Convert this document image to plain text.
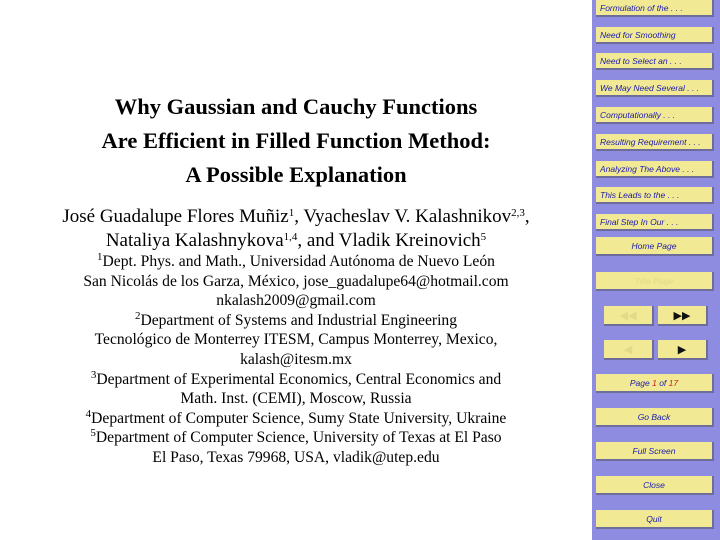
Why Gaussian and Cauchy Functions
Are Efficient in Filled Function Method:
A Possible Explanation
José Guadalupe Flores Muñiz$^1$, Vyacheslav V. Kalashnikov$^{2,3}$,
Nataliya Kalashnykova$^{1,4}$, and Vladik Kreinovich$^5$
$^1$Dept. Phys. and Math., Universidad Autónoma de Nuevo León
San Nicolás de los Garza, México, jose_guadalupe64@hotmail.com
nkalash2009@gmail.com
$^2$Department of Systems and Industrial Engineering
Tecnológico de Monterrey ITESM, Campus Monterrey, Mexico,
kalash@itesm.mx
$^3$Department of Experimental Economics, Central Economics and
Math. Inst. (CEMI), Moscow, Russia
$^4$Department of Computer Science, Sumy State University, Ukraine
$^5$Department of Computer Science, University of Texas at El Paso
El Paso, Texas 79968, USA, vladik@utep.edu
Formulation of the . . .
Need for Smoothing
Need to Select an . . .
We May Need Several . . .
Computationally . . .
Resulting Requirement . . .
Analyzing The Above . . .
This Leads to the . . .
Final Step In Our . . .
Home Page
Title Page
◀◀	▶▶
◀	▶
Page 1 of 17
Go Back
Full Screen
Close
Quit
